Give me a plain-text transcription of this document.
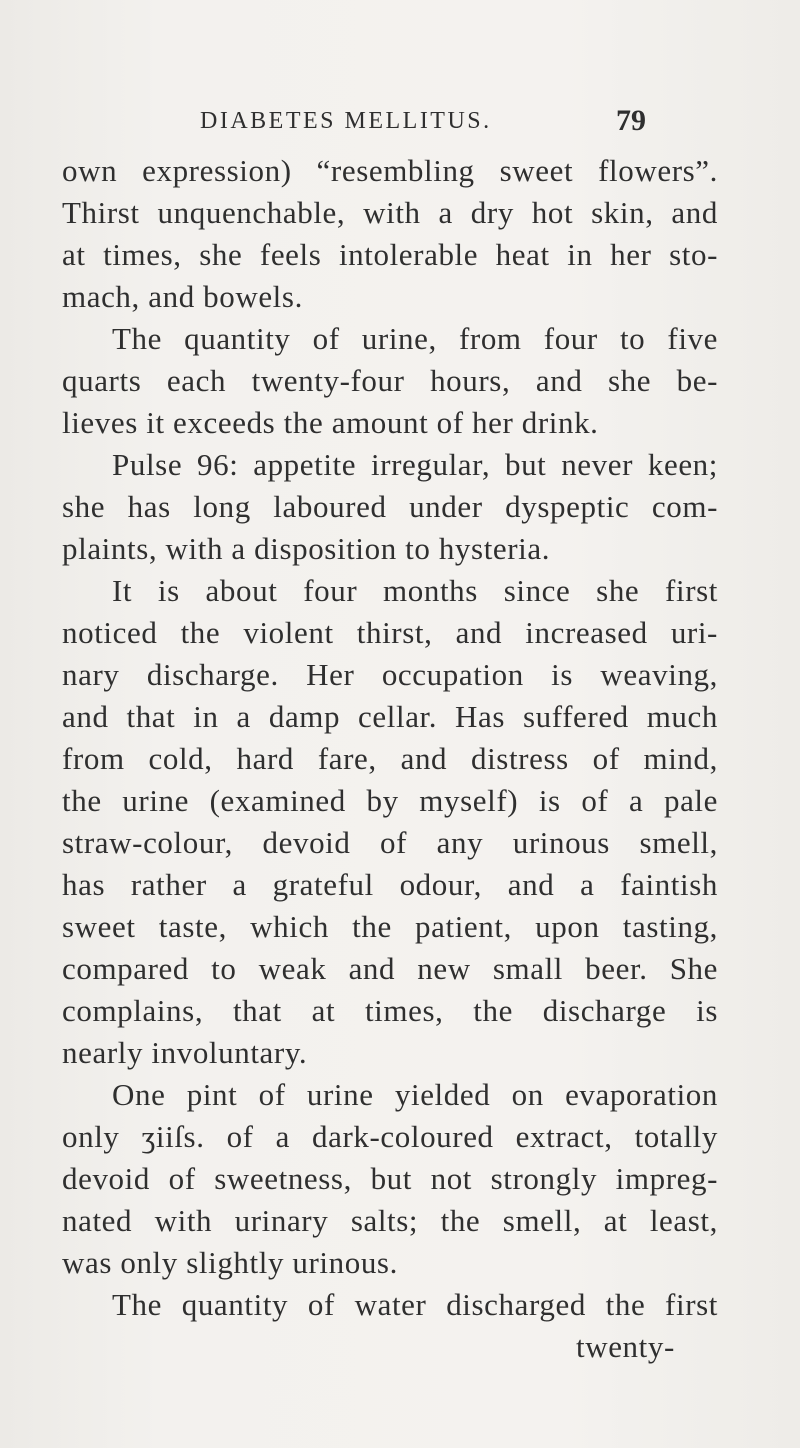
DIABETES MELLITUS.	79
own expression) “resembling sweet flowers”.
Thirst unquenchable, with a dry hot skin, and
at times, she feels intolerable heat in her sto-
mach, and bowels.
The quantity of urine, from four to five
quarts each twenty-four hours, and she be-
lieves it exceeds the amount of her drink.
Pulse 96: appetite irregular, but never keen;
she has long laboured under dyspeptic com-
plaints, with a disposition to hysteria.
It is about four months since she first
noticed the violent thirst, and increased uri-
nary discharge. Her occupation is weaving,
and that in a damp cellar. Has suffered much
from cold, hard fare, and distress of mind,
the urine (examined by myself) is of a pale
straw-colour, devoid of any urinous smell,
has rather a grateful odour, and a faintish
sweet taste, which the patient, upon tasting,
compared to weak and new small beer. She
complains, that at times, the discharge is
nearly involuntary.
One pint of urine yielded on evaporation
only ʒiiſs. of a dark-coloured extract, totally
devoid of sweetness, but not strongly impreg-
nated with urinary salts; the smell, at least,
was only slightly urinous.
The quantity of water discharged the first
twenty-
